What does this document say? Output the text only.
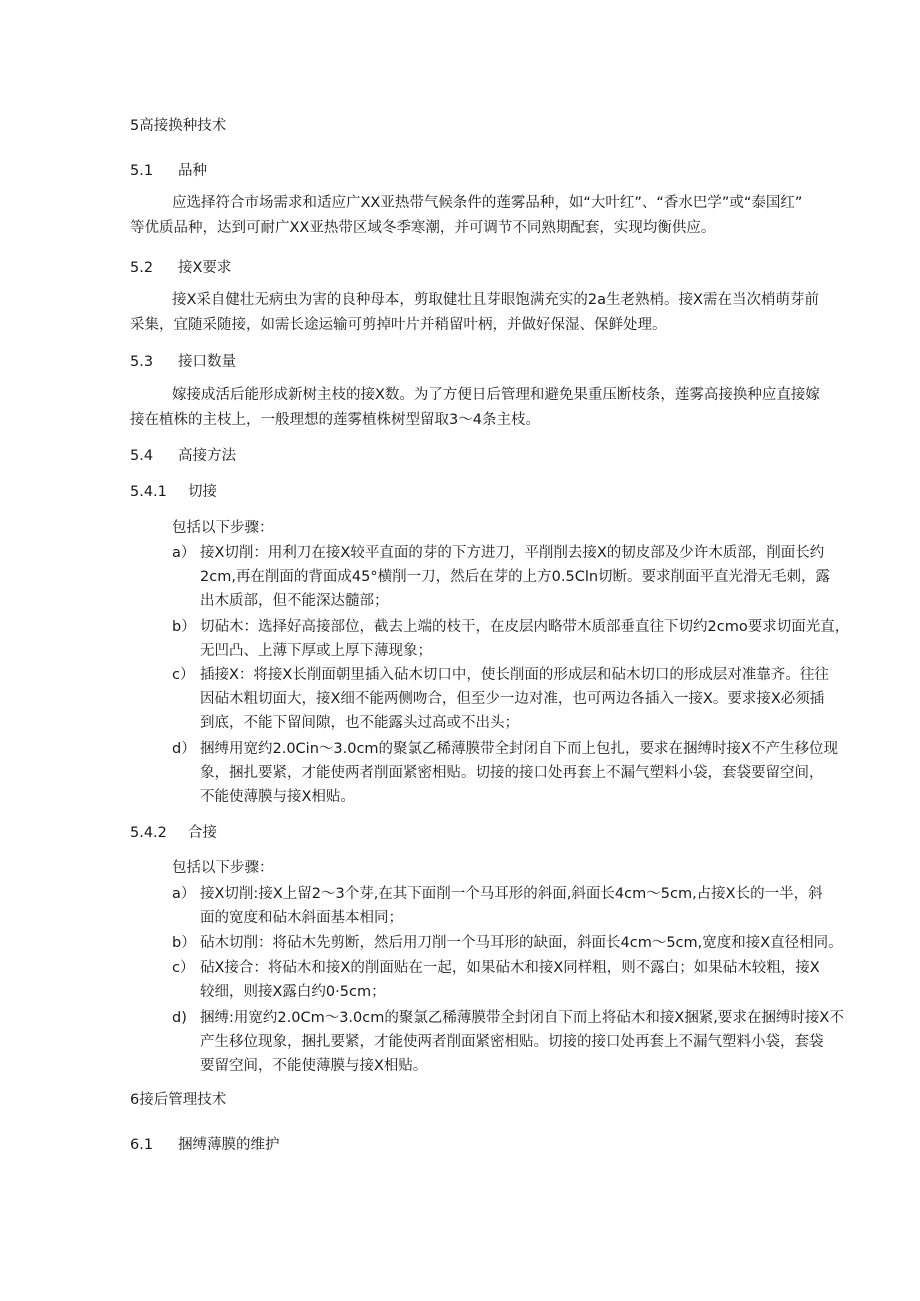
5高接换种技术
5.1 品种
应选择符合市场需求和适应广XX亚热带气候条件的莲雾品种，如“大叶红”、“香水巴学”或“泰国红”
等优质品种，达到可耐广XX亚热带区域冬季寒潮，并可调节不同熟期配套，实现均衡供应。
5.2 接X要求
接X采自健壮无病虫为害的良种母本，剪取健壮且芽眼饱满充实的2a生老熟梢。接X需在当次梢萌芽前
采集，宜随采随接，如需长途运输可剪掉叶片并稍留叶柄，并做好保湿、保鲜处理。
5.3 接口数量
嫁接成活后能形成新树主枝的接X数。为了方便日后管理和避免果重压断枝条，莲雾高接换种应直接嫁
接在植株的主枝上，一般理想的莲雾植株树型留取3～4条主枝。
5.4 高接方法
5.4.1 切接
包括以下步骤：
a） 接X切削：用利刀在接X较平直面的芽的下方进刀，平削削去接X的韧皮部及少许木质部，削面长约
2cm,再在削面的背面成45°横削一刀，然后在芽的上方0.5Cln切断。要求削面平直光滑无毛刺，露
出木质部，但不能深达髓部；
b） 切砧木：选择好高接部位，截去上端的枝干，在皮层内略带木质部垂直往下切约2cmo要求切面光直，
无凹凸、上薄下厚或上厚下薄现象；
c） 插接X：将接X长削面朝里插入砧木切口中，使长削面的形成层和砧木切口的形成层对准靠齐。往往
因砧木粗切面大，接X细不能两侧吻合，但至少一边对准，也可两边各插入一接X。要求接X必须插
到底，不能下留间隙，也不能露头过高或不出头；
d） 捆缚用宽约2.0Cin～3.0cm的聚氯乙稀薄膜带全封闭自下而上包扎，要求在捆缚时接X不产生移位现
象，捆扎要紧，才能使两者削面紧密相贴。切接的接口处再套上不漏气塑料小袋，套袋要留空间，
不能使薄膜与接X相贴。
5.4.2 合接
包括以下步骤：
a） 接X切削:接X上留2～3个芽,在其下面削一个马耳形的斜面,斜面长4cm～5cm,占接X长的一半，斜
面的宽度和砧木斜面基本相同；
b） 砧木切削：将砧木先剪断，然后用刀削一个马耳形的缺面，斜面长4cm～5cm,宽度和接X直径相同。
c） 砧X接合：将砧木和接X的削面贴在一起，如果砧木和接X同样粗，则不露白；如果砧木较粗，接X
较细，则接X露白约0·5cm；
d) 捆缚:用宽约2.0Cm～3.0cm的聚氯乙稀薄膜带全封闭自下而上将砧木和接X捆紧,要求在捆缚时接X不
产生移位现象，捆扎要紧，才能使两者削面紧密相贴。切接的接口处再套上不漏气塑料小袋，套袋
要留空间，不能使薄膜与接X相贴。
6接后管理技术
6.1 捆缚薄膜的维护
